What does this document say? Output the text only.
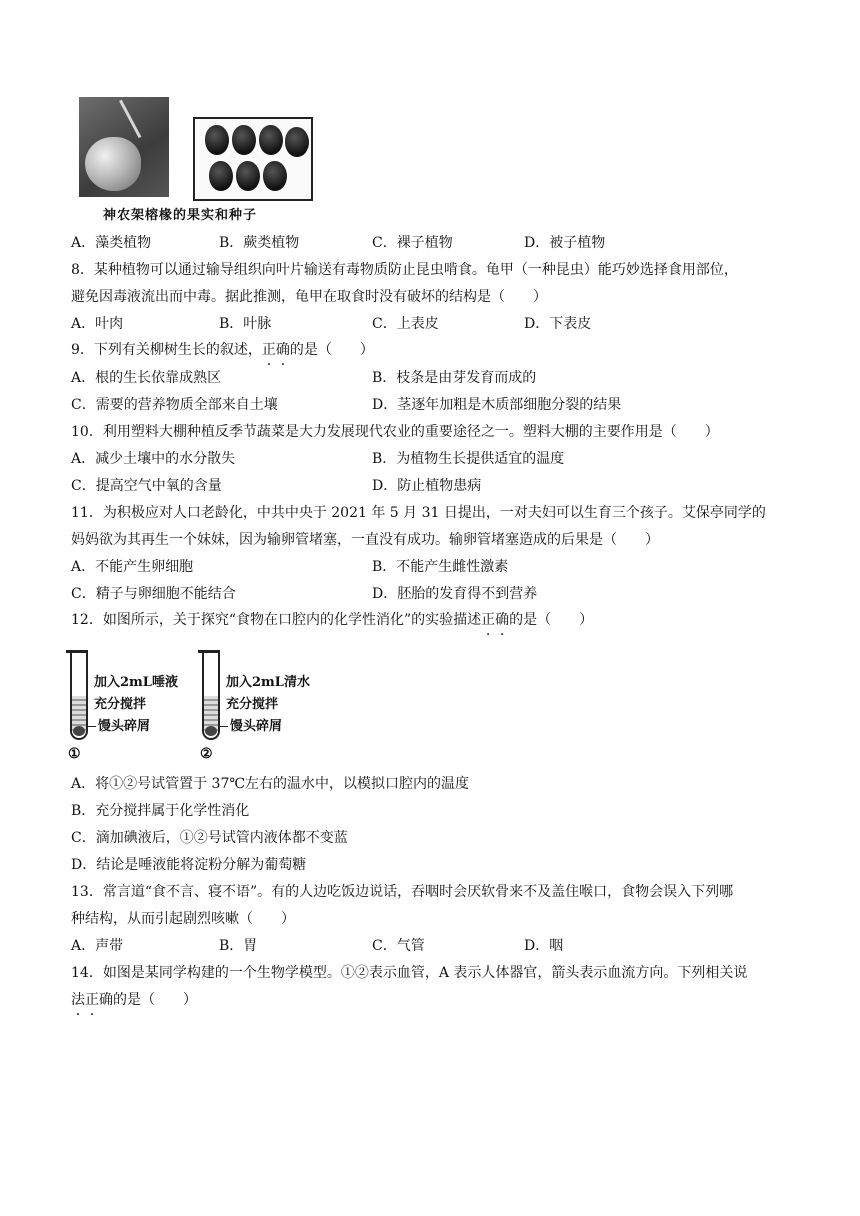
神农架榕椽的果实和种子
A．藻类植物	B．蕨类植物	C．裸子植物	D．被子植物
8．某种植物可以通过输导组织向叶片输送有毒物质防止昆虫啃食。龟甲（一种昆虫）能巧妙选择食用部位，
避免因毒液流出而中毒。据此推测，龟甲在取食时没有破坏的结构是（　　）
A．叶肉	B．叶脉	C．上表皮	D．下表皮
9．下列有关柳树生长的叙述，正确的是（　　）
A．根的生长依靠成熟区	B．枝条是由芽发育而成的
C．需要的营养物质全部来自土壤	D．茎逐年加粗是木质部细胞分裂的结果
10．利用塑料大棚种植反季节蔬菜是大力发展现代农业的重要途径之一。塑料大棚的主要作用是（　　）
A．减少土壤中的水分散失	B．为植物生长提供适宜的温度
C．提高空气中氧的含量	D．防止植物患病
11．为积极应对人口老龄化，中共中央于 2021 年 5 月 31 日提出，一对夫妇可以生育三个孩子。艾保亭同学的
妈妈欲为其再生一个妹妹，因为输卵管堵塞，一直没有成功。输卵管堵塞造成的后果是（　　）
A．不能产生卵细胞	B．不能产生雌性激素
C．精子与卵细胞不能结合	D．胚胎的发育得不到营养
12．如图所示，关于探究“食物在口腔内的化学性消化”的实验描述正确的是（　　）
加入2mL唾液
充分搅拌
馒头碎屑
①
加入2mL清水
充分搅拌
馒头碎屑
②
A．将①②号试管置于 37℃左右的温水中，以模拟口腔内的温度
B．充分搅拌属于化学性消化
C．滴加碘液后，①②号试管内液体都不变蓝
D．结论是唾液能将淀粉分解为葡萄糖
13．常言道“食不言、寝不语”。有的人边吃饭边说话，吞咽时会厌软骨来不及盖住喉口，食物会误入下列哪
种结构，从而引起剧烈咳嗽（　　）
A．声带	B．胃	C．气管	D．咽
14．如图是某同学构建的一个生物学模型。①②表示血管，A 表示人体器官，箭头表示血流方向。下列相关说
法正确的是（　　）
